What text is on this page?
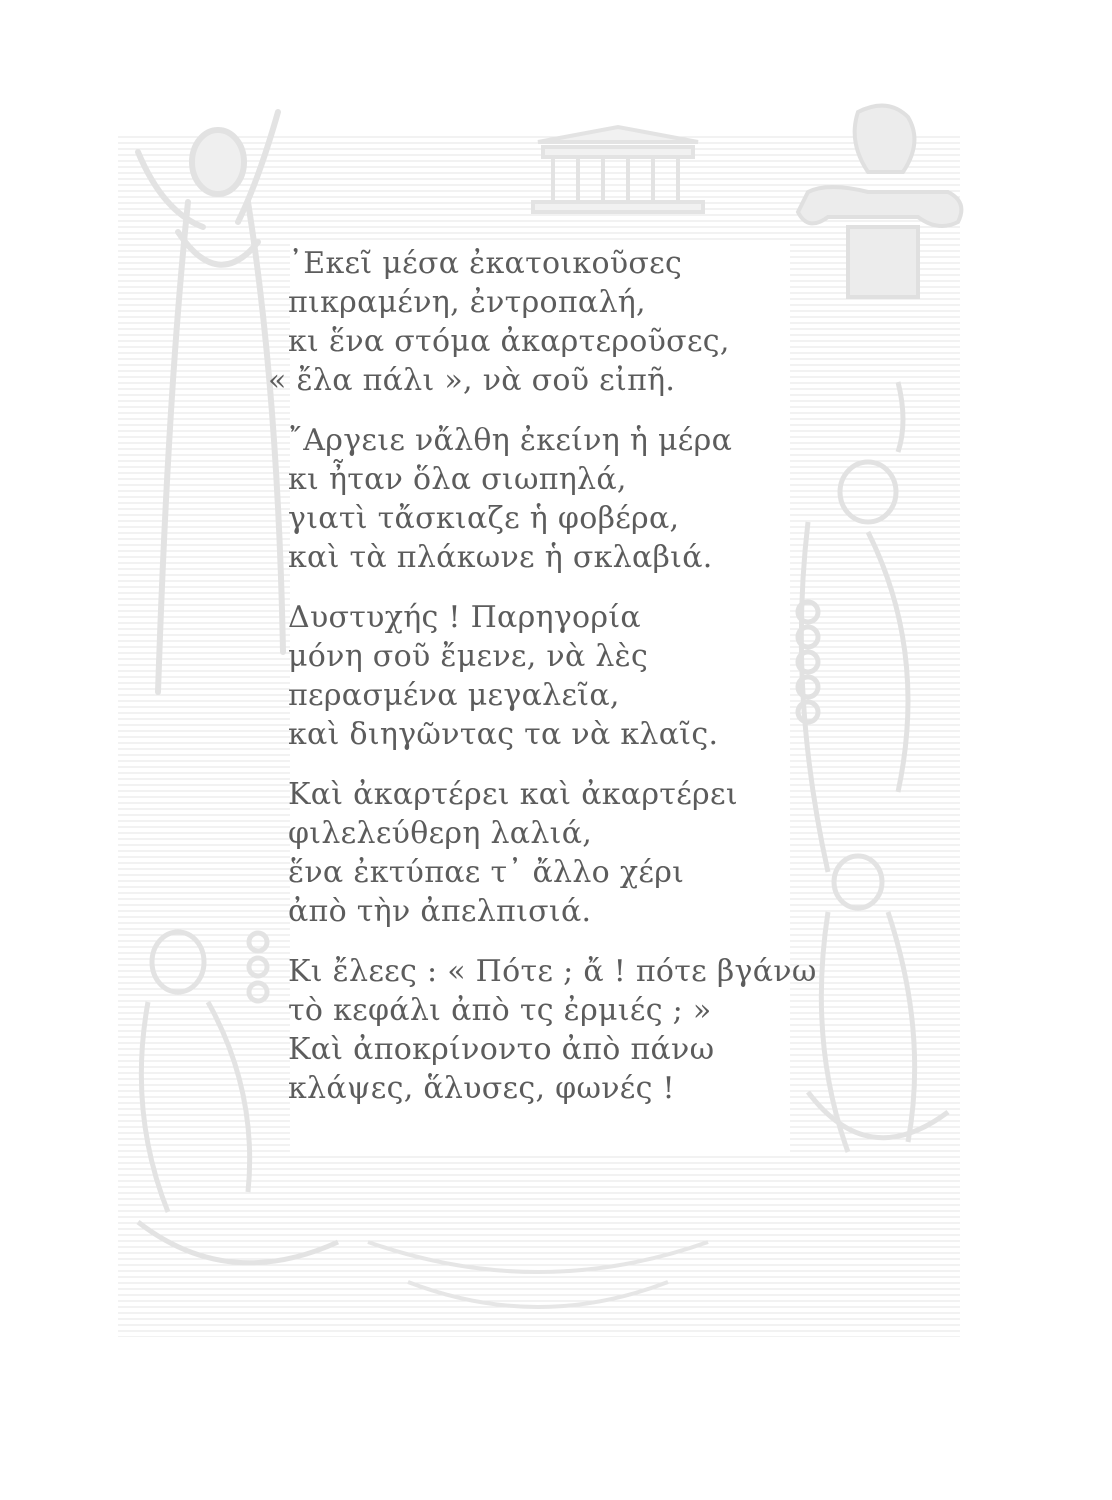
᾿Εκεῖ μέσα ἐκατοικοῦσες
πικραμένη, ἐντροπαλή,
κι ἕνα στόμα ἀκαρτεροῦσες,
« ἔλα πάλι », νὰ σοῦ εἰπῆ.
῎Αργειε νἄλθη ἐκείνη ἡ μέρα
κι ἦταν ὅλα σιωπηλά,
γιατὶ τἄσκιαζε ἡ φοβέρα,
καὶ τὰ πλάκωνε ἡ σκλαβιά.
Δυστυχής ! Παρηγορία
μόνη σοῦ ἔμενε, νὰ λὲς
περασμένα μεγαλεῖα,
καὶ διηγῶντας τα νὰ κλαῖς.
Καὶ ἀκαρτέρει καὶ ἀκαρτέρει
φιλελεύθερη λαλιά,
ἕνα ἐκτύπαε τ᾿ ἄλλο χέρι
ἀπὸ τὴν ἀπελπισιά.
Κι ἔλεες : « Πότε ; ἄ ! πότε βγάνω
τὸ κεφάλι ἀπὸ τς ἐρμιές ; »
Καὶ ἀποκρίνοντο ἀπὸ πάνω
κλάψες, ἅλυσες, φωνές !
